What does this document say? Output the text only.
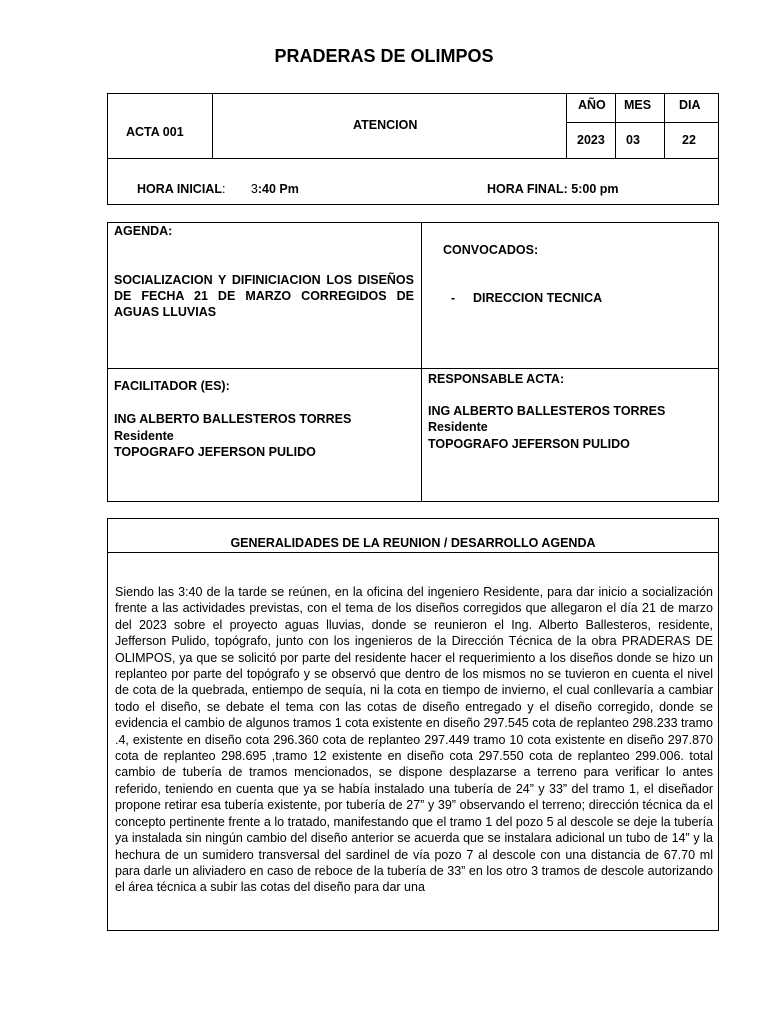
PRADERAS DE OLIMPOS
ACTA 001	ATENCION
AÑO MES DIA
2023 03	22
HORA INICIAL: 3:40 Pm	HORA FINAL: 5:00 pm
AGENDA:
SOCIALIZACION Y DIFINICIACION LOS DISEÑOS DE FECHA 21 DE MARZO CORREGIDOS DE AGUAS LLUVIAS
CONVOCADOS:
- DIRECCION TECNICA
FACILITADOR (ES):
ING ALBERTO BALLESTEROS TORRES
Residente
TOPOGRAFO JEFERSON PULIDO
RESPONSABLE ACTA:
ING ALBERTO BALLESTEROS TORRES
Residente
TOPOGRAFO JEFERSON PULIDO
GENERALIDADES DE LA REUNION / DESARROLLO AGENDA
Siendo las 3:40 de la tarde se reúnen, en la oficina del ingeniero Residente, para dar inicio a socialización frente a las actividades previstas, con el tema de los diseños corregidos que allegaron el día 21 de marzo del 2023 sobre el proyecto aguas lluvias, donde se reunieron el Ing. Alberto Ballesteros, residente, Jefferson Pulido, topógrafo, junto con los ingenieros de la Dirección Técnica de la obra PRADERAS DE OLIMPOS, ya que se solicitó por parte del residente hacer el requerimiento a los diseños donde se hizo un replanteo por parte del topógrafo y se observó que dentro de los mismos no se tuvieron en cuenta el nivel de cota de la quebrada, entiempo de sequía, ni la cota en tiempo de invierno, el cual conllevaría a cambiar todo el diseño, se debate el tema con las cotas de diseño entregado y el diseño corregido, donde se evidencia el cambio de algunos tramos 1 cota existente en diseño 297.545 cota de replanteo 298.233 tramo .4, existente en diseño cota 296.360 cota de replanteo 297.449 tramo 10 cota existente en diseño 297.870 cota de replanteo 298.695 ,tramo 12 existente en diseño cota 297.550 cota de replanteo 299.006. total cambio de tubería de tramos mencionados, se dispone desplazarse a terreno para verificar lo antes referido, teniendo en cuenta que ya se había instalado una tubería de 24” y 33” del tramo 1, el diseñador propone retirar esa tubería existente, por tubería de 27” y 39” observando el terreno; dirección técnica da el concepto pertinente frente a lo tratado, manifestando que el tramo 1 del pozo 5 al descole se deje la tubería ya instalada sin ningún cambio del diseño anterior se acuerda que se instalara adicional un tubo de 14” y la hechura de un sumidero transversal del sardinel de vía pozo 7 al descole con una distancia de 67.70 ml para darle un aliviadero en caso de reboce de la tubería de 33” en los otro 3 tramos de descole autorizando el área técnica a subir las cotas del diseño para dar una
